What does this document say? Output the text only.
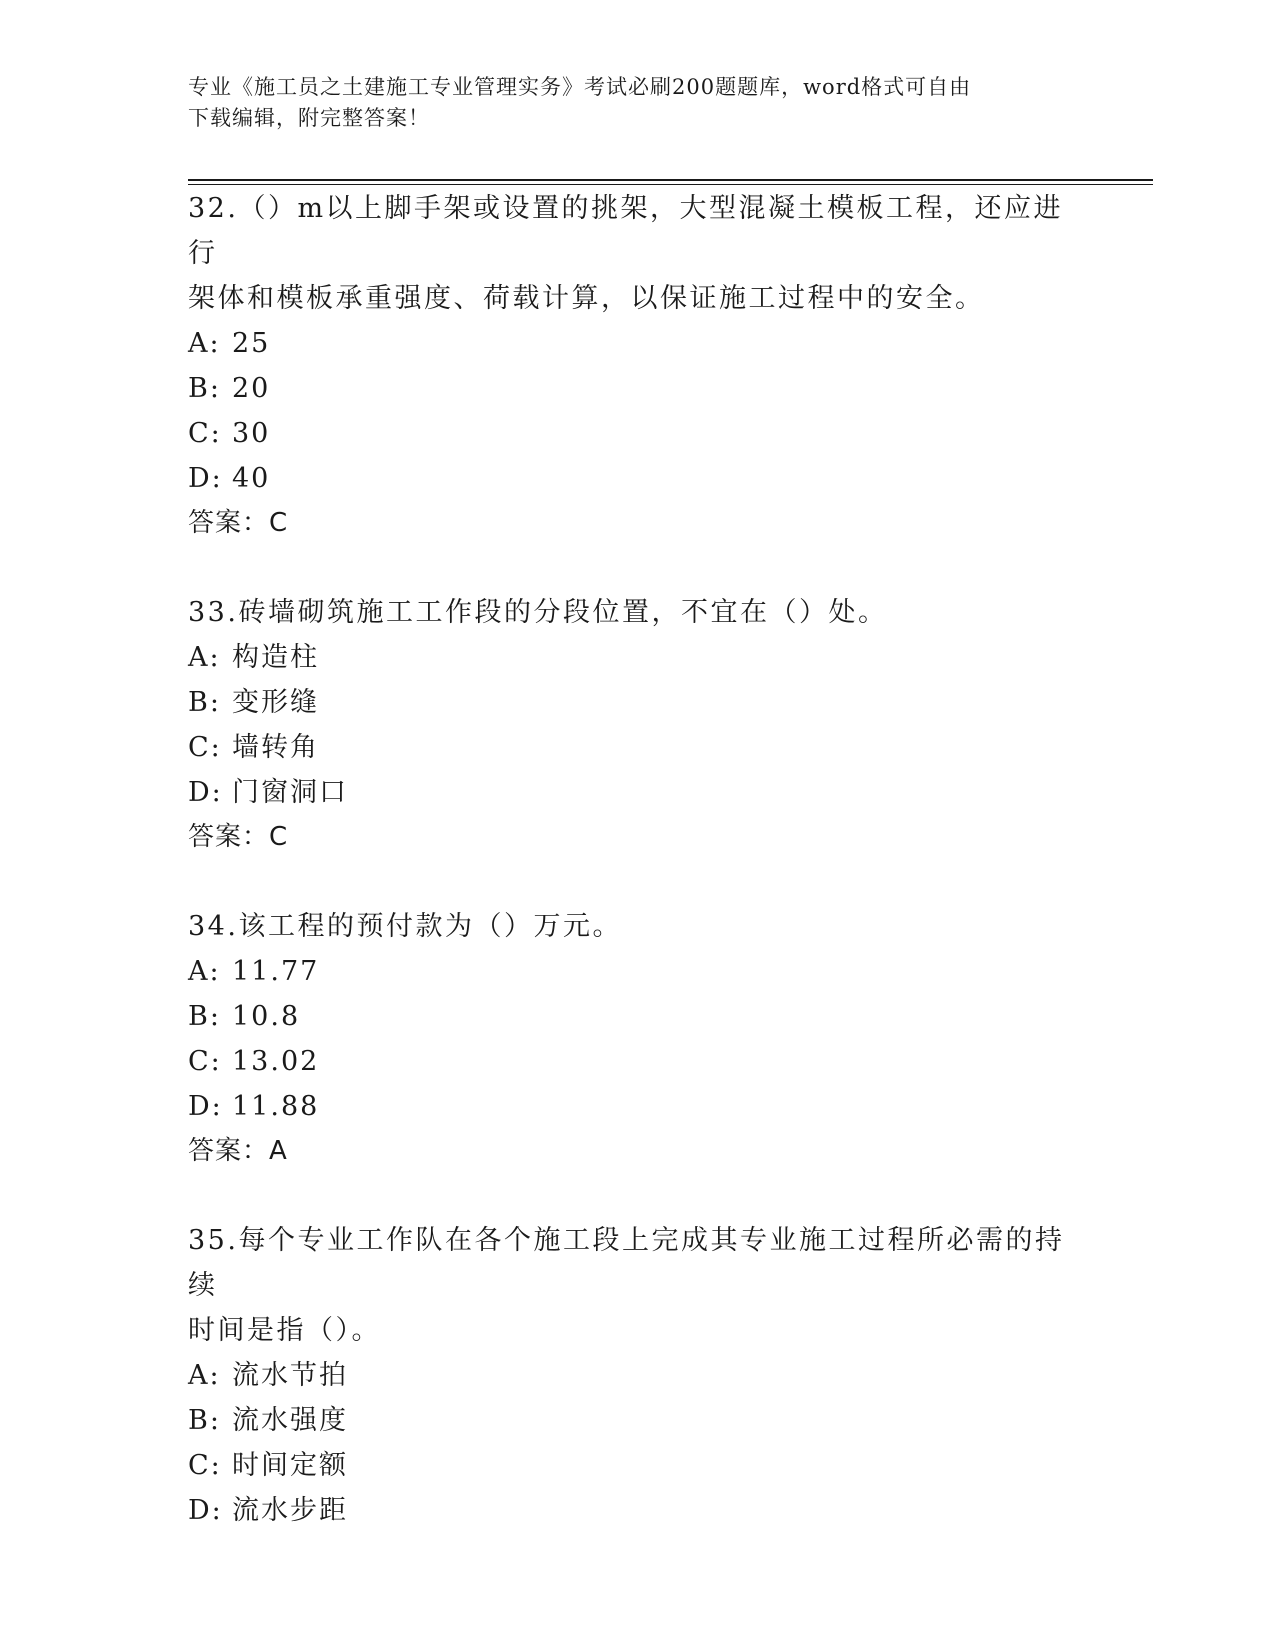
专业《施工员之土建施工专业管理实务》考试必刷200题题库，word格式可自由
下载编辑，附完整答案！

32.（）m以上脚手架或设置的挑架，大型混凝土模板工程，还应进行

架体和模板承重强度、荷载计算，以保证施工过程中的安全。

A: 25

B: 20

C: 30

D: 40

答案：C

33.砖墙砌筑施工工作段的分段位置，不宜在（）处。

A: 构造柱

B: 变形缝

C: 墙转角

D: 门窗洞口

答案：C

34.该工程的预付款为（）万元。

A: 11.77

B: 10.8

C: 13.02

D: 11.88

答案：A

35.每个专业工作队在各个施工段上完成其专业施工过程所必需的持续

时间是指（）。

A: 流水节拍

B: 流水强度

C: 时间定额

D: 流水步距
